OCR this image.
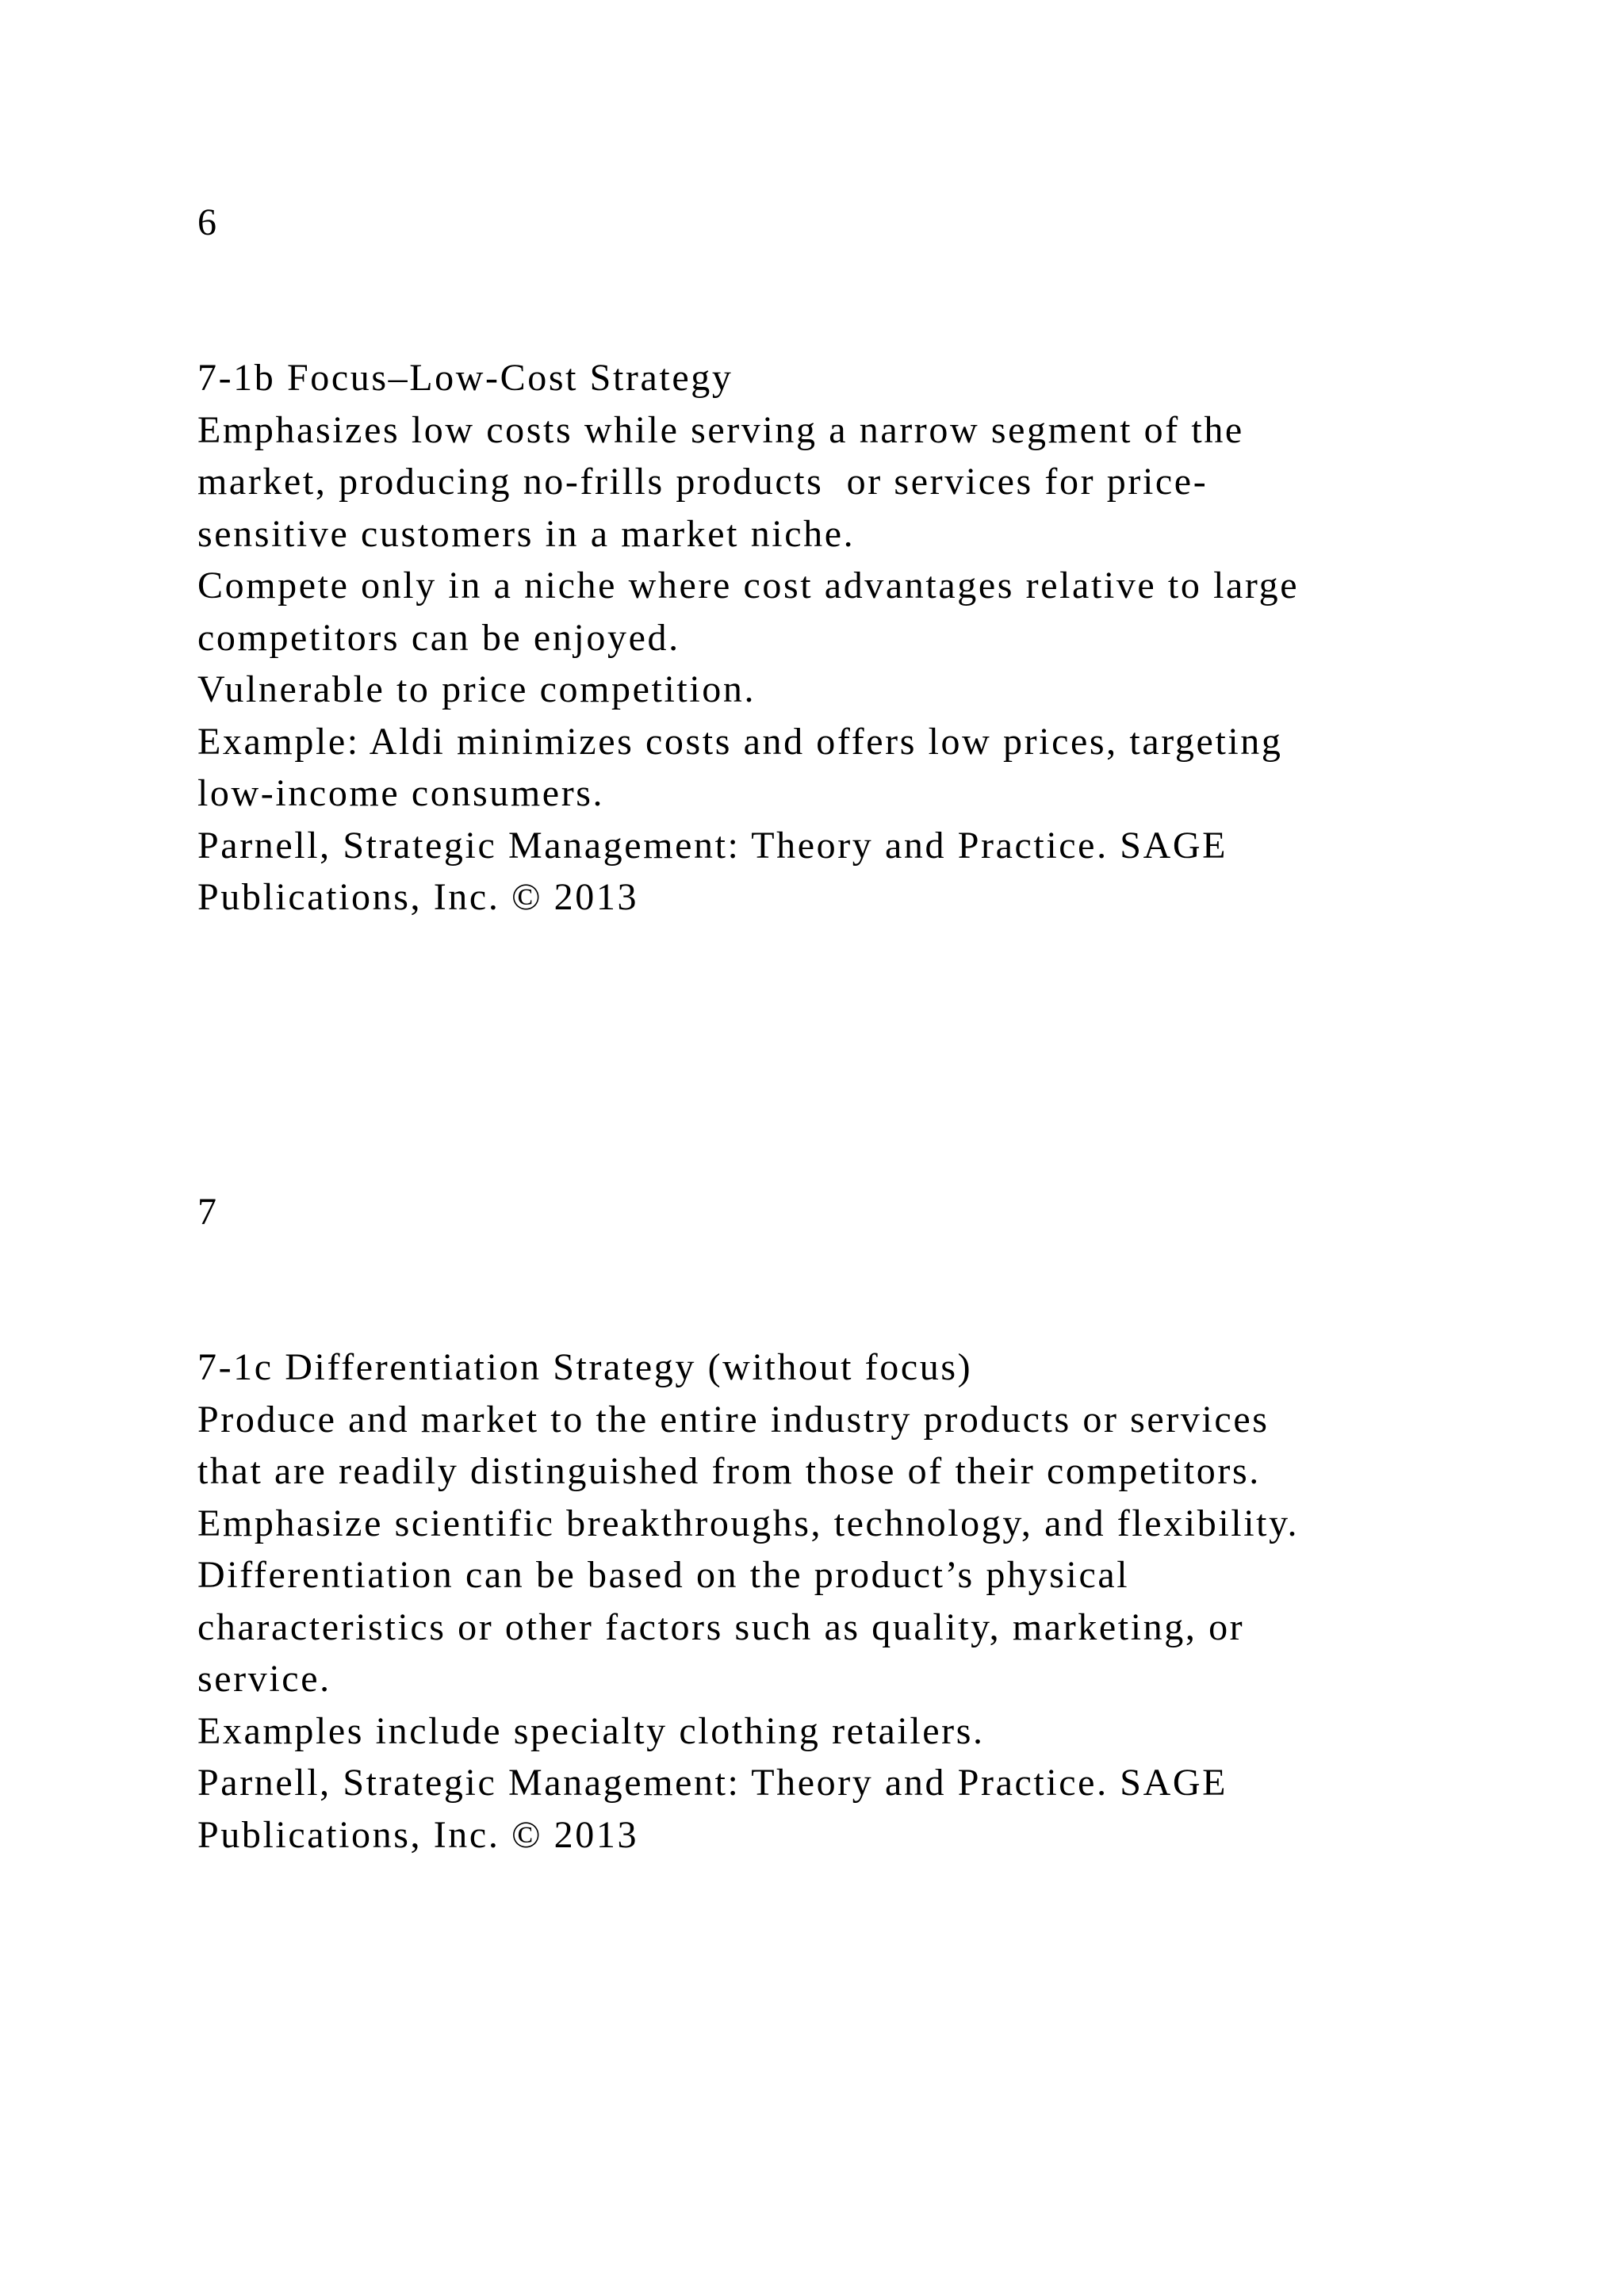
6

7-1b Focus–Low-Cost Strategy

Emphasizes low costs while serving a narrow segment of the

market, producing no-frills products  or services for price-

sensitive customers in a market niche.

Compete only in a niche where cost advantages relative to large

competitors can be enjoyed.

Vulnerable to price competition.

Example: Aldi minimizes costs and offers low prices, targeting

low-income consumers.

Parnell, Strategic Management: Theory and Practice. SAGE

Publications, Inc. © 2013

7

7-1c Differentiation Strategy (without focus)

Produce and market to the entire industry products or services

that are readily distinguished from those of their competitors.

Emphasize scientific breakthroughs, technology, and flexibility.

Differentiation can be based on the product’s physical

characteristics or other factors such as quality, marketing, or

service.

Examples include specialty clothing retailers.

Parnell, Strategic Management: Theory and Practice. SAGE

Publications, Inc. © 2013
